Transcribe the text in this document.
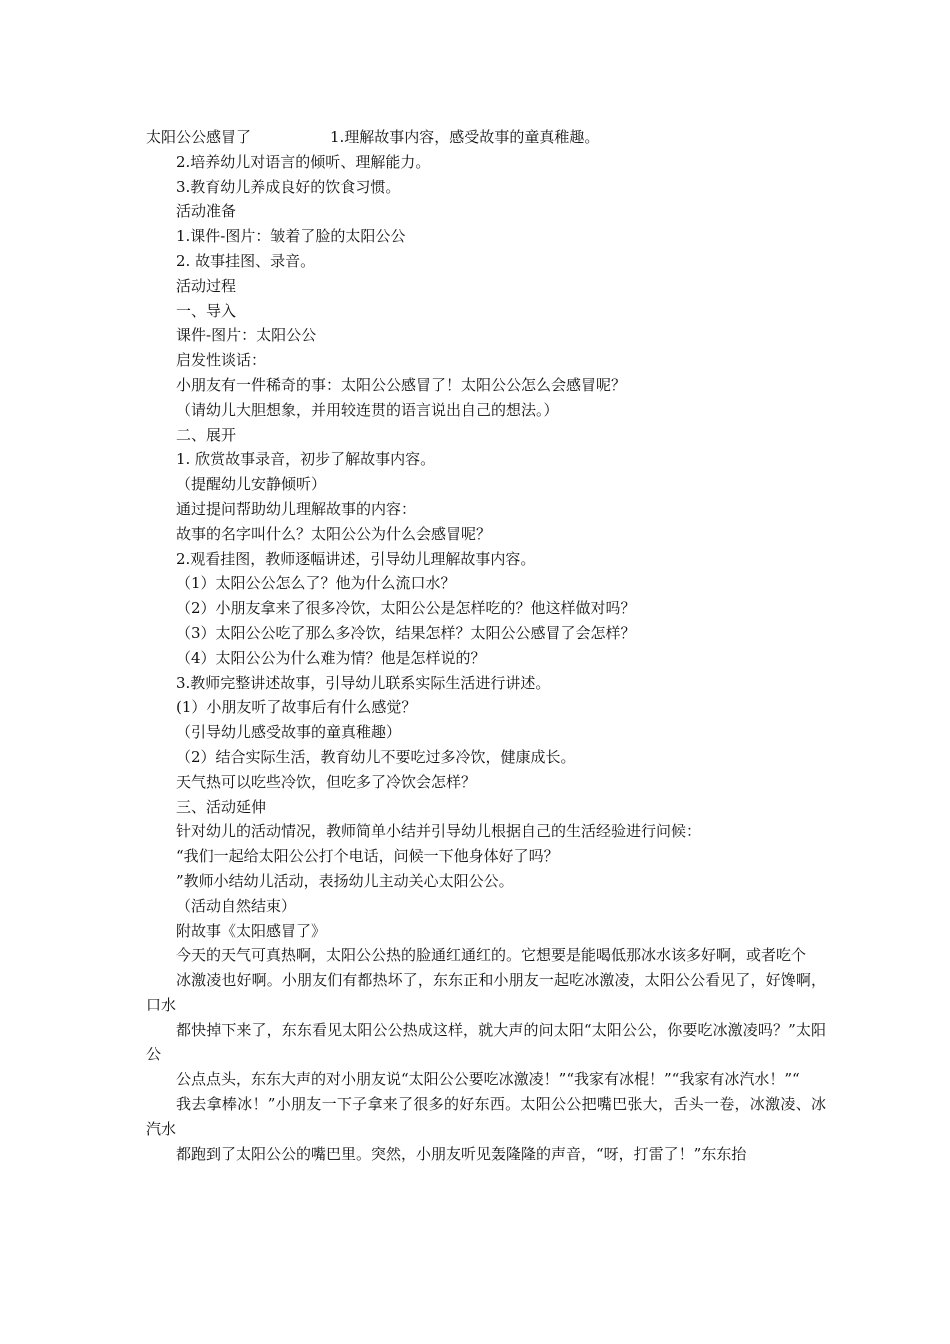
太阳公公感冒了	1.理解故事内容，感受故事的童真稚趣。
2.培养幼儿对语言的倾听、理解能力。
3.教育幼儿养成良好的饮食习惯。
活动准备
1.课件-图片：皱着了脸的太阳公公
2. 故事挂图、录音。
活动过程
一、导入
课件-图片：太阳公公
启发性谈话：
小朋友有一件稀奇的事：太阳公公感冒了！太阳公公怎么会感冒呢？
（请幼儿大胆想象，并用较连贯的语言说出自己的想法。）
二、展开
1. 欣赏故事录音，初步了解故事内容。
（提醒幼儿安静倾听）
通过提问帮助幼儿理解故事的内容：
故事的名字叫什么？太阳公公为什么会感冒呢？
2.观看挂图，教师逐幅讲述，引导幼儿理解故事内容。
（1）太阳公公怎么了？他为什么流口水？
（2）小朋友拿来了很多冷饮，太阳公公是怎样吃的？他这样做对吗？
（3）太阳公公吃了那么多冷饮，结果怎样？太阳公公感冒了会怎样？
（4）太阳公公为什么难为情？他是怎样说的？
3.教师完整讲述故事，引导幼儿联系实际生活进行讲述。
(1）小朋友听了故事后有什么感觉？
（引导幼儿感受故事的童真稚趣）
（2）结合实际生活，教育幼儿不要吃过多冷饮，健康成长。
天气热可以吃些冷饮，但吃多了冷饮会怎样？
三、活动延伸
针对幼儿的活动情况，教师简单小结并引导幼儿根据自己的生活经验进行问候：
“我们一起给太阳公公打个电话，问候一下他身体好了吗？
”教师小结幼儿活动，表扬幼儿主动关心太阳公公。
（活动自然结束）
附故事《太阳感冒了》

今天的天气可真热啊，太阳公公热的脸通红通红的。它想要是能喝低那冰水该多好啊，或者吃个

冰激凌也好啊。小朋友们有都热坏了，东东正和小朋友一起吃冰激凌，太阳公公看见了，好馋啊，口水

都快掉下来了，东东看见太阳公公热成这样，就大声的问太阳“太阳公公，你要吃冰激凌吗？”太阳公

公点点头，东东大声的对小朋友说“太阳公公要吃冰激凌！”“我家有冰棍！”“我家有冰汽水！”“

我去拿棒冰！”小朋友一下子拿来了很多的好东西。太阳公公把嘴巴张大，舌头一卷，冰激凌、冰汽水

都跑到了太阳公公的嘴巴里。突然，小朋友听见轰隆隆的声音，“呀，打雷了！”东东抬
